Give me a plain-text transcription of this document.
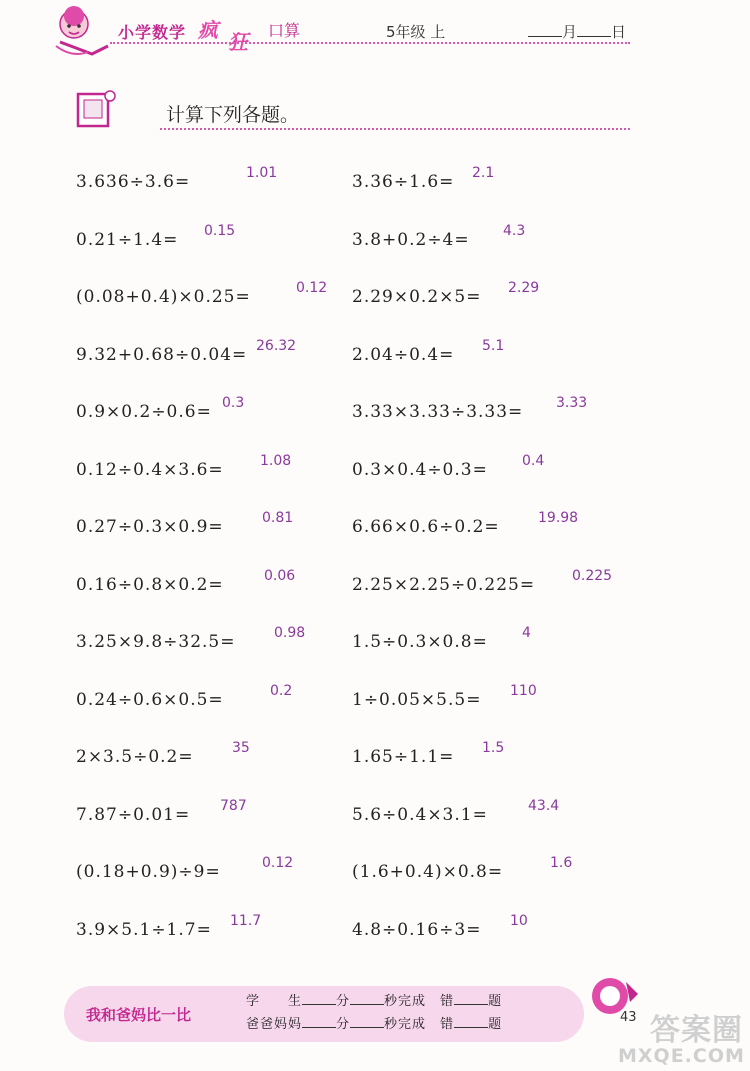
小学数学 疯 狂 口算	5年级 上	月 日
计算下列各题。
3.636÷3.6=	1.01	3.36÷1.6= 2.1
0.21÷1.4= 0.15	3.8+0.2÷4= 4.3
(0.08+0.4)×0.25=	0.12 2.29×0.2×5= 2.29
9.32+0.68÷0.04= 26.32	2.04÷0.4= 5.1
0.9×0.2÷0.6= 0.3	3.33×3.33÷3.33= 3.33
0.12÷0.4×3.6=	1.08	0.3×0.4÷0.3= 0.4
0.27÷0.3×0.9=	0.81	6.66×0.6÷0.2=	19.98
0.16÷0.8×0.2=	0.06	2.25×2.25÷0.225=	0.225
3.25×9.8÷32.5=	0.98	1.5÷0.3×0.8= 4
0.24÷0.6×0.5=	0.2	1÷0.05×5.5= 110
2×3.5÷0.2=	35	1.65÷1.1= 1.5
7.87÷0.01= 787	5.6÷0.4×3.1=	43.4
(0.18+0.9)÷9=	0.12	(1.6+0.4)×0.8=	1.6
3.9×5.1÷1.7= 11.7	4.8÷0.16÷3= 10
我和爸妈比一比
学　　生	分	秒完成　 错	题
爸爸妈妈	分	秒完成　 错	题	43 答案圈
MXQE.COM
